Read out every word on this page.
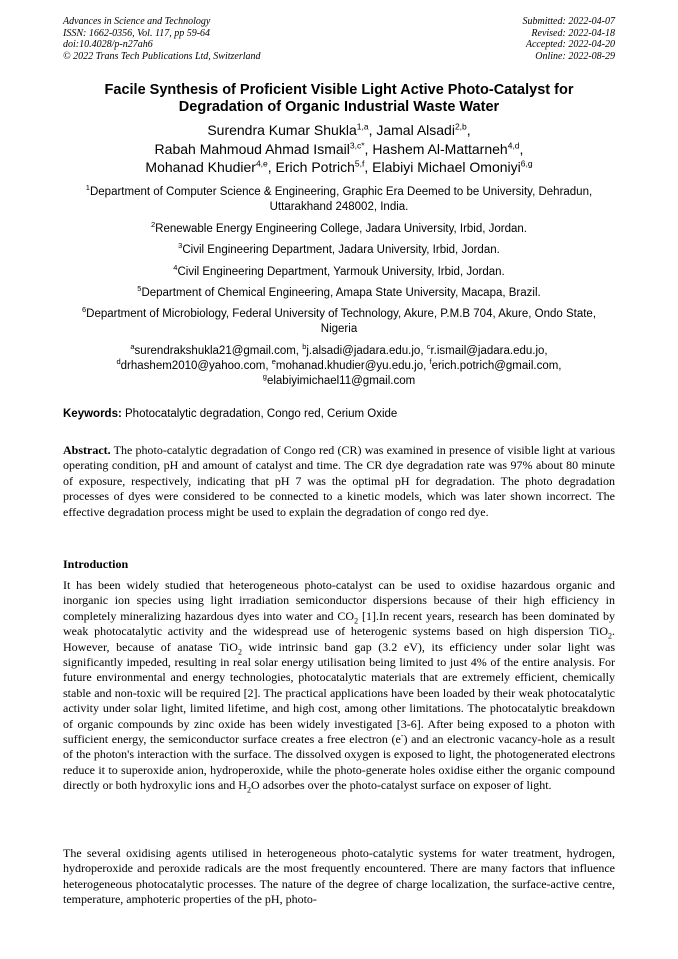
Advances in Science and Technology
ISSN: 1662-0356, Vol. 117, pp 59-64
doi:10.4028/p-n27ah6
© 2022 Trans Tech Publications Ltd, Switzerland
Submitted: 2022-04-07
Revised: 2022-04-18
Accepted: 2022-04-20
Online: 2022-08-29
Facile Synthesis of Proficient Visible Light Active Photo-Catalyst for
Degradation of Organic Industrial Waste Water
Surendra Kumar Shukla$^{1,a}$, Jamal Alsadi$^{2,b}$,
Rabah Mahmoud Ahmad Ismail$^{3,c*}$, Hashem Al-Mattarneh$^{4,d}$,
Mohanad Khudier$^{4,e}$, Erich Potrich$^{5,f}$, Elabiyi Michael Omoniyi$^{6,g}$
$^1$Department of Computer Science & Engineering, Graphic Era Deemed to be University, Dehradun, Uttarakhand 248002, India.
$^2$Renewable Energy Engineering College, Jadara University, Irbid, Jordan.
$^3$Civil Engineering Department, Jadara University, Irbid, Jordan.
$^4$Civil Engineering Department, Yarmouk University, Irbid, Jordan.
$^5$Department of Chemical Engineering, Amapa State University, Macapa, Brazil.
$^6$Department of Microbiology, Federal University of Technology, Akure, P.M.B 704, Akure, Ondo State, Nigeria
$^a$surendrakshukla21@gmail.com, $^b$j.alsadi@jadara.edu.jo, $^c$r.ismail@jadara.edu.jo,
$^d$drhashem2010@yahoo.com, $^e$mohanad.khudier@yu.edu.jo, $^f$erich.potrich@gmail.com,
$^g$elabiyimichael11@gmail.com
Keywords: Photocatalytic degradation, Congo red, Cerium Oxide
Abstract. The photo-catalytic degradation of Congo red (CR) was examined in presence of visible light at various operating condition, pH and amount of catalyst and time. The CR dye degradation rate was 97% about 80 minute of exposure, respectively, indicating that pH 7 was the optimal pH for degradation. The photo degradation processes of dyes were considered to be connected to a kinetic models, which was later shown incorrect. The effective degradation process might be used to explain the degradation of congo red dye.
Introduction
It has been widely studied that heterogeneous photo-catalyst can be used to oxidise hazardous organic and inorganic ion species using light irradiation semiconductor dispersions because of their high efficiency in completely mineralizing hazardous dyes into water and $CO_2$ [1].In recent years, research has been dominated by weak photocatalytic activity and the widespread use of heterogenic systems based on high dispersion TiO$_2$. However, because of anatase TiO$_2$ wide intrinsic band gap (3.2 eV), its efficiency under solar light was significantly impeded, resulting in real solar energy utilisation being limited to just 4% of the entire analysis. For future environmental and energy technologies, photocatalytic materials that are extremely efficient, chemically stable and non-toxic will be required [2]. The practical applications have been loaded by their weak photocatalytic activity under solar light, limited lifetime, and high cost, among other limitations. The photocatalytic breakdown of organic compounds by zinc oxide has been widely investigated [3-6]. After being exposed to a photon with sufficient energy, the semiconductor surface creates a free electron (e-) and an electronic vacancy-hole as a result of the photon's interaction with the surface. The dissolved oxygen is exposed to light, the photogenerated electrons reduce it to superoxide anion, hydroperoxide, while the photo-generate holes oxidise either the organic compound directly or both hydroxylic ions and $H_2O$ adsorbes over the photo-catalyst surface on exposer of light.
The several oxidising agents utilised in heterogeneous photo-catalytic systems for water treatment, hydrogen, hydroperoxide and peroxide radicals are the most frequently encountered. There are many factors that influence heterogeneous photocatalytic processes. The nature of the degree of charge localization, the surface-active centre, temperature, amphoteric properties of the pH, photo-
